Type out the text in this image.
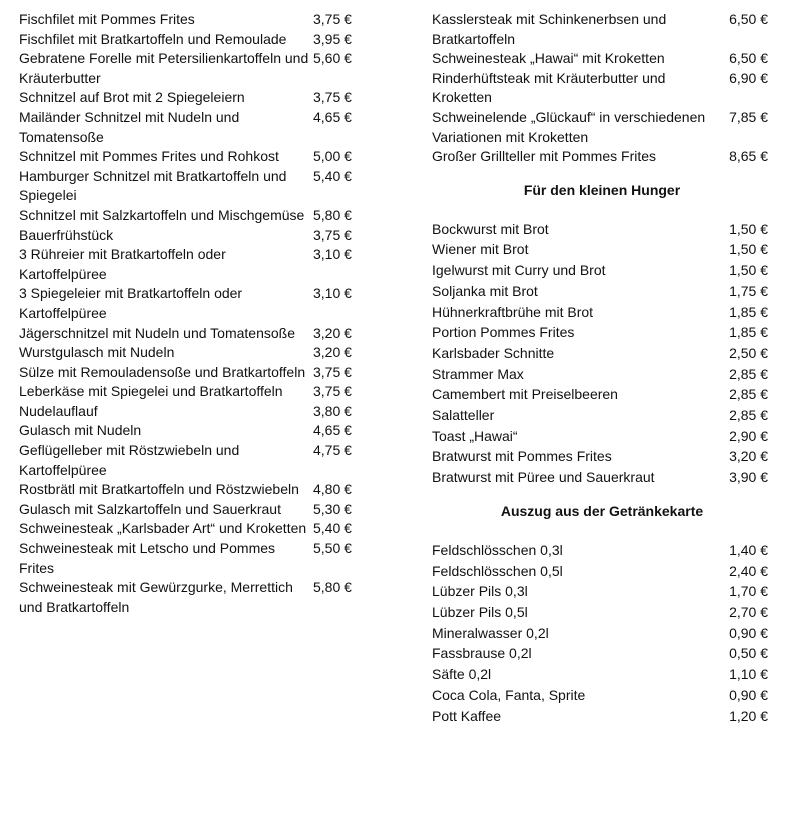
Fischfilet mit Pommes Frites	3,75 €
Fischfilet mit Bratkartoffeln und Remoulade	3,95 €
Gebratene Forelle mit Petersilienkartoffeln und Kräuterbutter
5,60 €
Schnitzel auf Brot mit 2 Spiegeleiern	3,75 €
Mailänder Schnitzel mit Nudeln und Tomatensoße
4,65 €
Schnitzel mit Pommes Frites und Rohkost	5,00 €
Hamburger Schnitzel mit Bratkartoffeln und Spiegelei
5,40 €
Schnitzel mit Salzkartoffeln und Mischgemüse 5,80 €
Bauerfrühstück	3,75 €
3 Rühreier mit Bratkartoffeln oder Kartoffelpüree
3,10 €
3 Spiegeleier mit Bratkartoffeln oder Kartoffelpüree
3,10 €
Jägerschnitzel mit Nudeln und Tomatensoße	3,20 €
Wurstgulasch mit Nudeln	3,20 €
Sülze mit Remouladensoße und Bratkartoffeln 3,75 €
Leberkäse mit Spiegelei und Bratkartoffeln	3,75 €
Nudelauflauf	3,80 €
Gulasch mit Nudeln	4,65 €
Geflügelleber mit Röstzwiebeln und Kartoffelpüree
4,75 €
Rostbrätl mit Bratkartoffeln und Röstzwiebeln	4,80 €
Gulasch mit Salzkartoffeln und Sauerkraut	5,30 €
Schweinesteak „Karlsbader Art“ und Kroketten 5,40 €
Schweinesteak mit Letscho und Pommes Frites
5,50 €
Schweinesteak mit Gewürzgurke, Merrettich und Bratkartoffeln
5,80 €
Kasslersteak mit Schinkenerbsen und Bratkartoffeln
6,50 €
Schweinesteak „Hawai“ mit Kroketten	6,50 €
Rinderhüftsteak mit Kräuterbutter und Kroketten
6,90 €
Schweinelende „Glückauf“ in verschiedenen Variationen mit Kroketten
7,85 €
Großer Grillteller mit Pommes Frites	8,65 €
Für den kleinen Hunger
Bockwurst mit Brot	1,50 €
Wiener mit Brot	1,50 €
Igelwurst mit Curry und Brot	1,50 €
Soljanka mit Brot	1,75 €
Hühnerkraftbrühe mit Brot	1,85 €
Portion Pommes Frites	1,85 €
Karlsbader Schnitte	2,50 €
Strammer Max	2,85 €
Camembert mit Preiselbeeren	2,85 €
Salatteller	2,85 €
Toast „Hawai“	2,90 €
Bratwurst mit Pommes Frites	3,20 €
Bratwurst mit Püree und Sauerkraut	3,90 €
Auszug aus der Getränkekarte
Feldschlösschen 0,3l	1,40 €
Feldschlösschen 0,5l	2,40 €
Lübzer Pils 0,3l	1,70 €
Lübzer Pils 0,5l	2,70 €
Mineralwasser 0,2l	0,90 €
Fassbrause 0,2l	0,50 €
Säfte 0,2l	1,10 €
Coca Cola, Fanta, Sprite	0,90 €
Pott Kaffee	1,20 €
